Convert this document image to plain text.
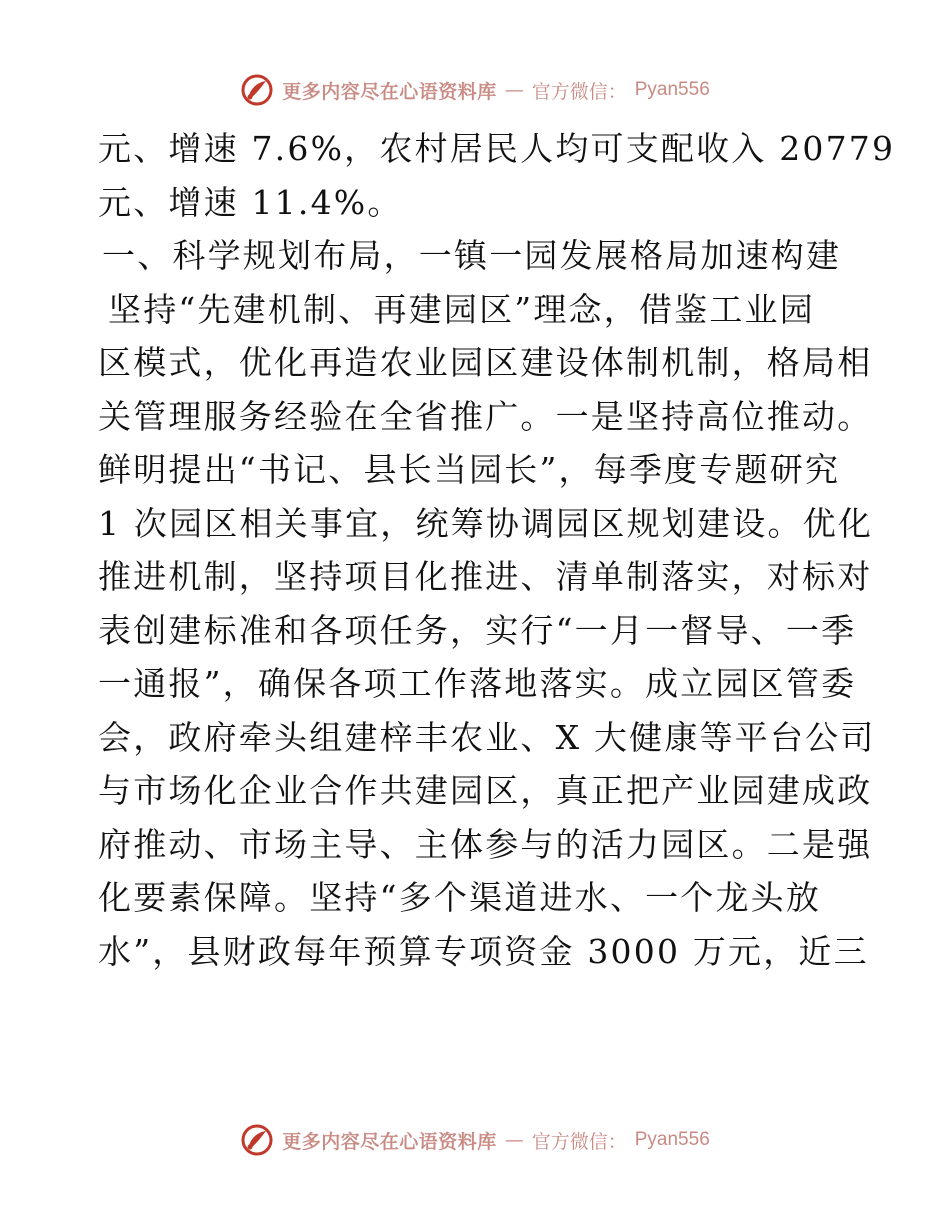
更多内容尽在心语资料库 — 官方微信： Pyan556
元、增速 7.6%，农村居民人均可支配收入 20779
元、增速 11.4%。
一、科学规划布局，一镇一园发展格局加速构建
坚持“先建机制、再建园区”理念，借鉴工业园
区模式，优化再造农业园区建设体制机制，格局相
关管理服务经验在全省推广。一是坚持高位推动。
鲜明提出“书记、县长当园长”，每季度专题研究
1 次园区相关事宜，统筹协调园区规划建设。优化
推进机制，坚持项目化推进、清单制落实，对标对
表创建标准和各项任务，实行“一月一督导、一季
一通报”，确保各项工作落地落实。成立园区管委
会，政府牵头组建梓丰农业、X 大健康等平台公司
与市场化企业合作共建园区，真正把产业园建成政
府推动、市场主导、主体参与的活力园区。二是强
化要素保障。坚持“多个渠道进水、一个龙头放
水”，县财政每年预算专项资金 3000 万元，近三
更多内容尽在心语资料库 — 官方微信： Pyan556
